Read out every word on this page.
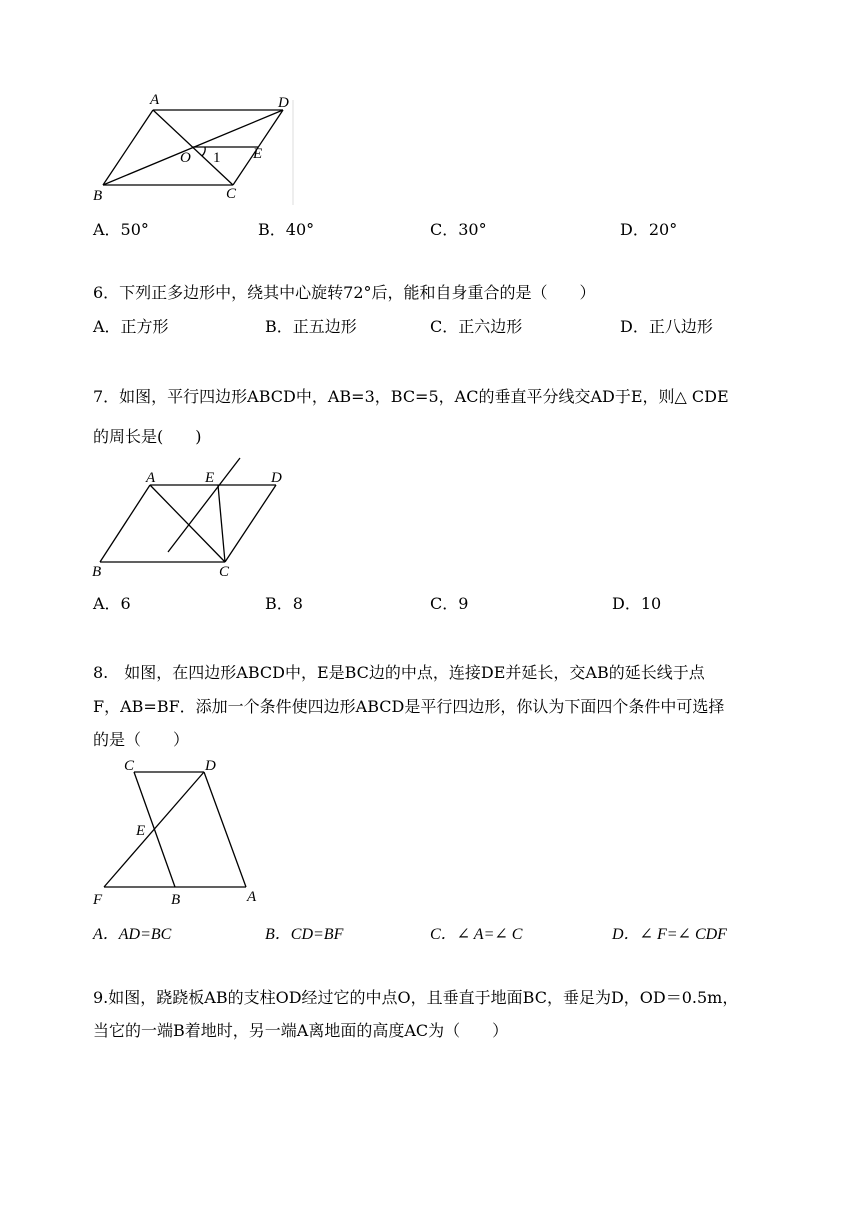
A	D
O 1 E
B	C
A．50°	B．40°	C．30°	D．20°
6．下列正多边形中，绕其中心旋转72°后，能和自身重合的是（　　）
A．正方形	B．正五边形	C．正六边形	D．正八边形
7．如图，平行四边形ABCD中，AB=3，BC=5，AC的垂直平分线交AD于E，则△ CDE
的周长是(　　)
A	E	D
B	C
A．6	B．8	C．9	D．10
8.　如图，在四边形ABCD中，E是BC边的中点，连接DE并延长，交AB的延长线于点
F，AB=BF．添加一个条件使四边形ABCD是平行四边形，你认为下面四个条件中可选择
的是（　　）
C	D
E
F	B	A
A．AD=BC	B．CD=BF	C．∠ A=∠ C	D．∠ F=∠ CDF
9.如图，跷跷板AB的支柱OD经过它的中点O，且垂直于地面BC，垂足为D，OD＝0.5m，
当它的一端B着地时，另一端A离地面的高度AC为（　　）
